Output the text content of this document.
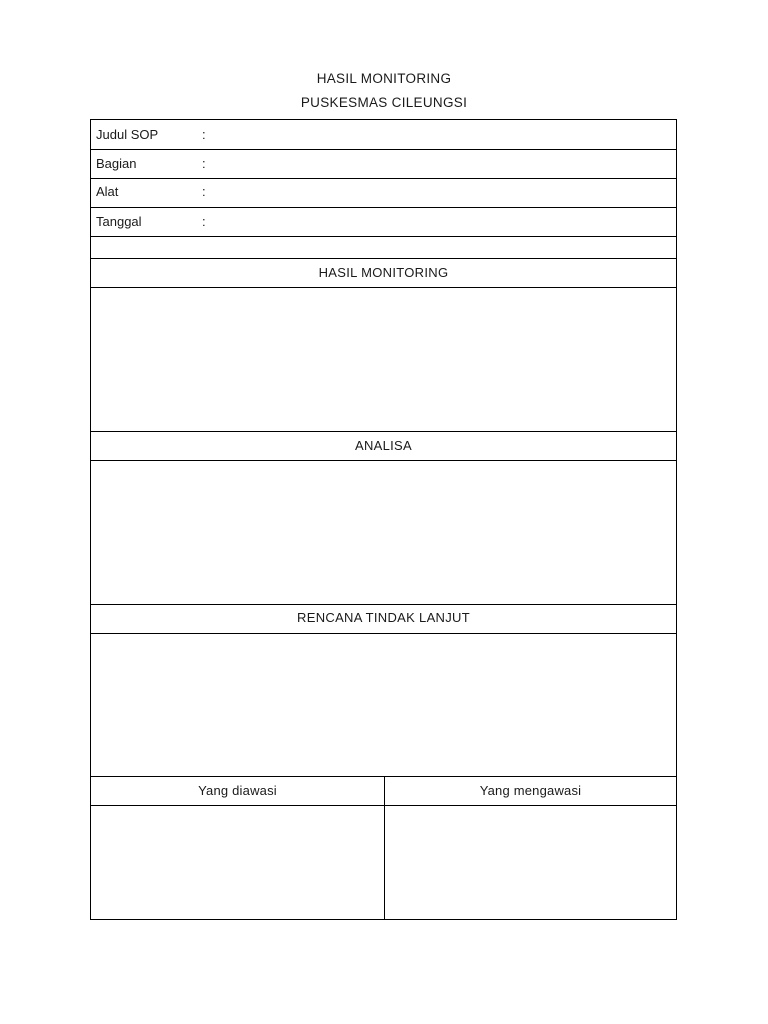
HASIL MONITORING
PUSKESMAS CILEUNGSI
Judul SOP	:
Bagian	:
Alat	:
Tanggal	:
HASIL MONITORING
ANALISA
RENCANA TINDAK LANJUT
Yang diawasi	Yang mengawasi
